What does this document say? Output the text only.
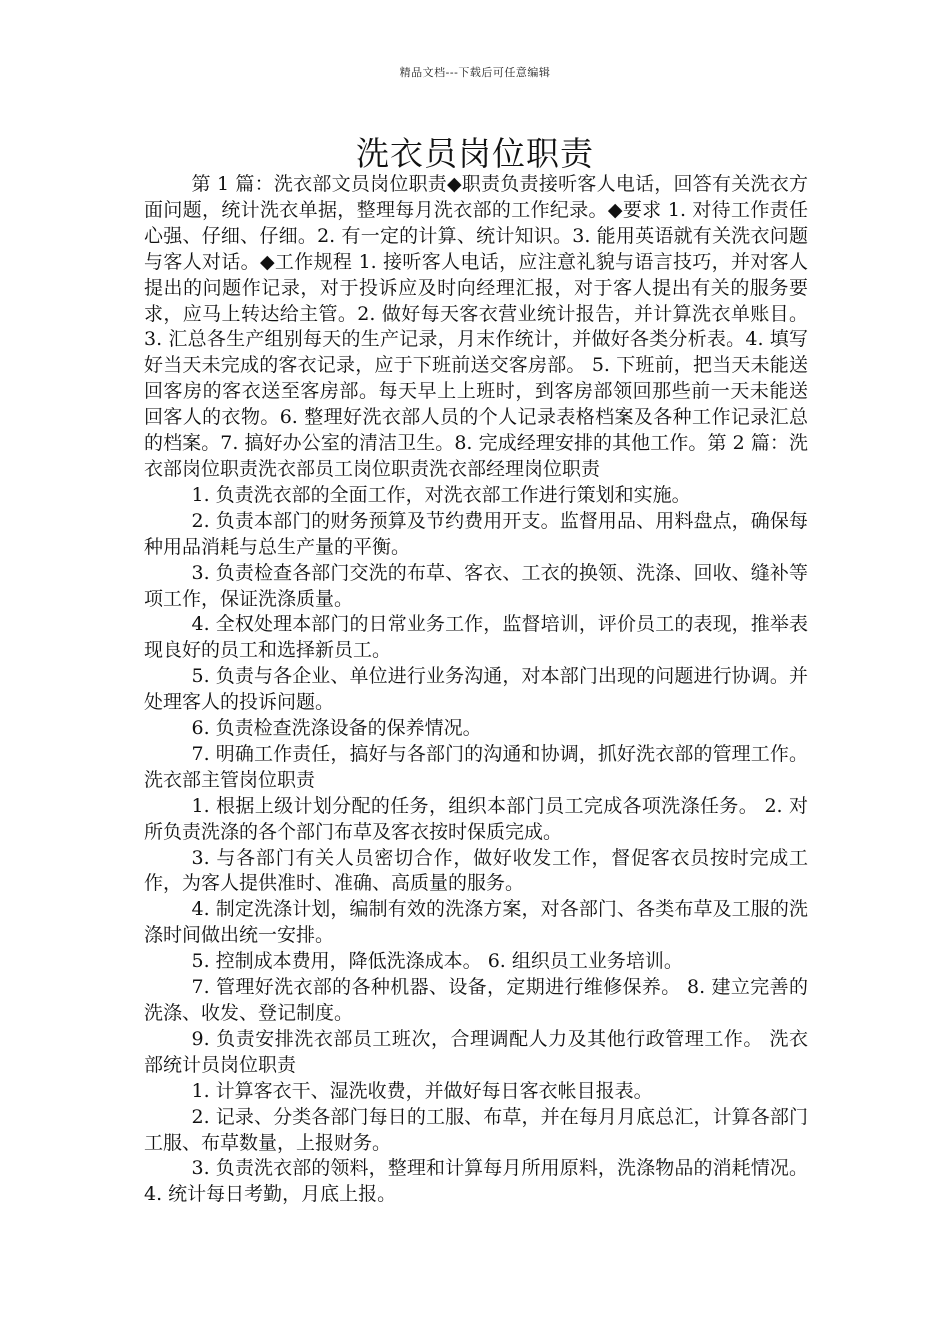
精品文档---下载后可任意编辑
洗衣员岗位职责

第 1 篇：洗衣部文员岗位职责◆职责负责接听客人电话，回答有关洗衣方面问题，统计洗衣单据，整理每月洗衣部的工作纪录。◆要求 1. 对待工作责任心强、仔细、仔细。2. 有一定的计算、统计知识。3. 能用英语就有关洗衣问题与客人对话。◆工作规程 1. 接听客人电话，应注意礼貌与语言技巧，并对客人提出的问题作记录，对于投诉应及时向经理汇报，对于客人提出有关的服务要求，应马上转达给主管。2. 做好每天客衣营业统计报告，并计算洗衣单账目。3. 汇总各生产组别每天的生产记录，月末作统计，并做好各类分析表。4. 填写好当天未完成的客衣记录，应于下班前送交客房部。 5. 下班前，把当天未能送回客房的客衣送至客房部。每天早上上班时，到客房部领回那些前一天未能送回客人的衣物。6. 整理好洗衣部人员的个人记录表格档案及各种工作记录汇总的档案。7. 搞好办公室的清洁卫生。8. 完成经理安排的其他工作。第 2 篇：洗衣部岗位职责洗衣部员工岗位职责洗衣部经理岗位职责

1. 负责洗衣部的全面工作，对洗衣部工作进行策划和实施。

2. 负责本部门的财务预算及节约费用开支。监督用品、用料盘点，确保每种用品消耗与总生产量的平衡。

3. 负责检查各部门交洗的布草、客衣、工衣的换领、洗涤、回收、缝补等项工作，保证洗涤质量。

4. 全权处理本部门的日常业务工作，监督培训，评价员工的表现，推举表现良好的员工和选择新员工。

5. 负责与各企业、单位进行业务沟通，对本部门出现的问题进行协调。并处理客人的投诉问题。

6. 负责检查洗涤设备的保养情况。

7. 明确工作责任，搞好与各部门的沟通和协调，抓好洗衣部的管理工作。 洗衣部主管岗位职责

1. 根据上级计划分配的任务，组织本部门员工完成各项洗涤任务。 2. 对所负责洗涤的各个部门布草及客衣按时保质完成。

3. 与各部门有关人员密切合作，做好收发工作，督促客衣员按时完成工作，为客人提供准时、准确、高质量的服务。

4. 制定洗涤计划，编制有效的洗涤方案，对各部门、各类布草及工服的洗涤时间做出统一安排。

5. 控制成本费用，降低洗涤成本。 6. 组织员工业务培训。

7. 管理好洗衣部的各种机器、设备，定期进行维修保养。 8. 建立完善的洗涤、收发、登记制度。

9. 负责安排洗衣部员工班次，合理调配人力及其他行政管理工作。 洗衣部统计员岗位职责

1. 计算客衣干、湿洗收费，并做好每日客衣帐目报表。

2. 记录、分类各部门每日的工服、布草，并在每月月底总汇，计算各部门工服、布草数量，上报财务。

3. 负责洗衣部的领料，整理和计算每月所用原料，洗涤物品的消耗情况。 4. 统计每日考勤，月底上报。
